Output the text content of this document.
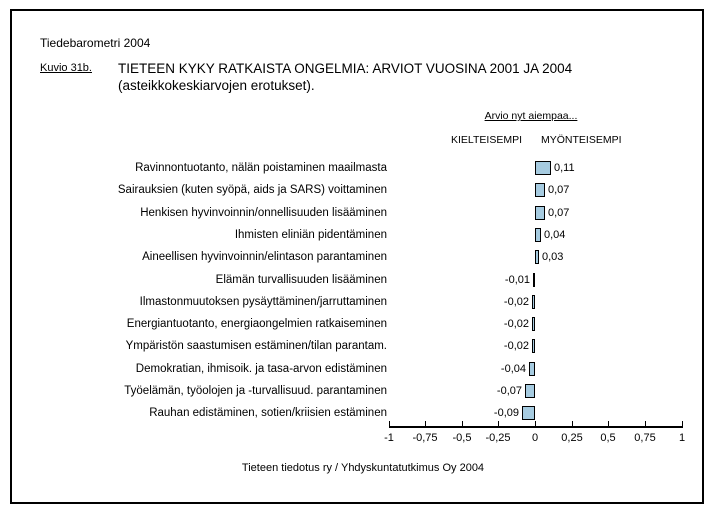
Tiedebarometri 2004
Kuvio 31b. TIETEEN KYKY RATKAISTA ONGELMIA: ARVIOT VUOSINA 2001 JA 2004
(asteikkokeskiarvojen erotukset).
Arvio nyt aiempaa...
KIELTEISEMPI MYÖNTEISEMPI
Ravinnontuotanto, nälän poistaminen maailmasta	0,11
Sairauksien (kuten syöpä, aids ja SARS) voittaminen	0,07
Henkisen hyvinvoinnin/onnellisuuden lisääminen	0,07
Ihmisten eliniän pidentäminen	0,04
Aineellisen hyvinvoinnin/elintason parantaminen	0,03
Elämän turvallisuuden lisääminen	-0,01
Ilmastonmuutoksen pysäyttäminen/jarruttaminen	-0,02
Energiantuotanto, energiaongelmien ratkaiseminen	-0,02
Ympäristön saastumisen estäminen/tilan parantam.	-0,02
Demokratian, ihmisoik. ja tasa-arvon edistäminen	-0,04
Työelämän, työolojen ja -turvallisuud. parantaminen	-0,07
Rauhan edistäminen, sotien/kriisien estäminen	-0,09
-1	-0,75	-0,5	-0,25	0	0,25	0,5	0,75	1
Tieteen tiedotus ry / Yhdyskuntatutkimus Oy 2004
